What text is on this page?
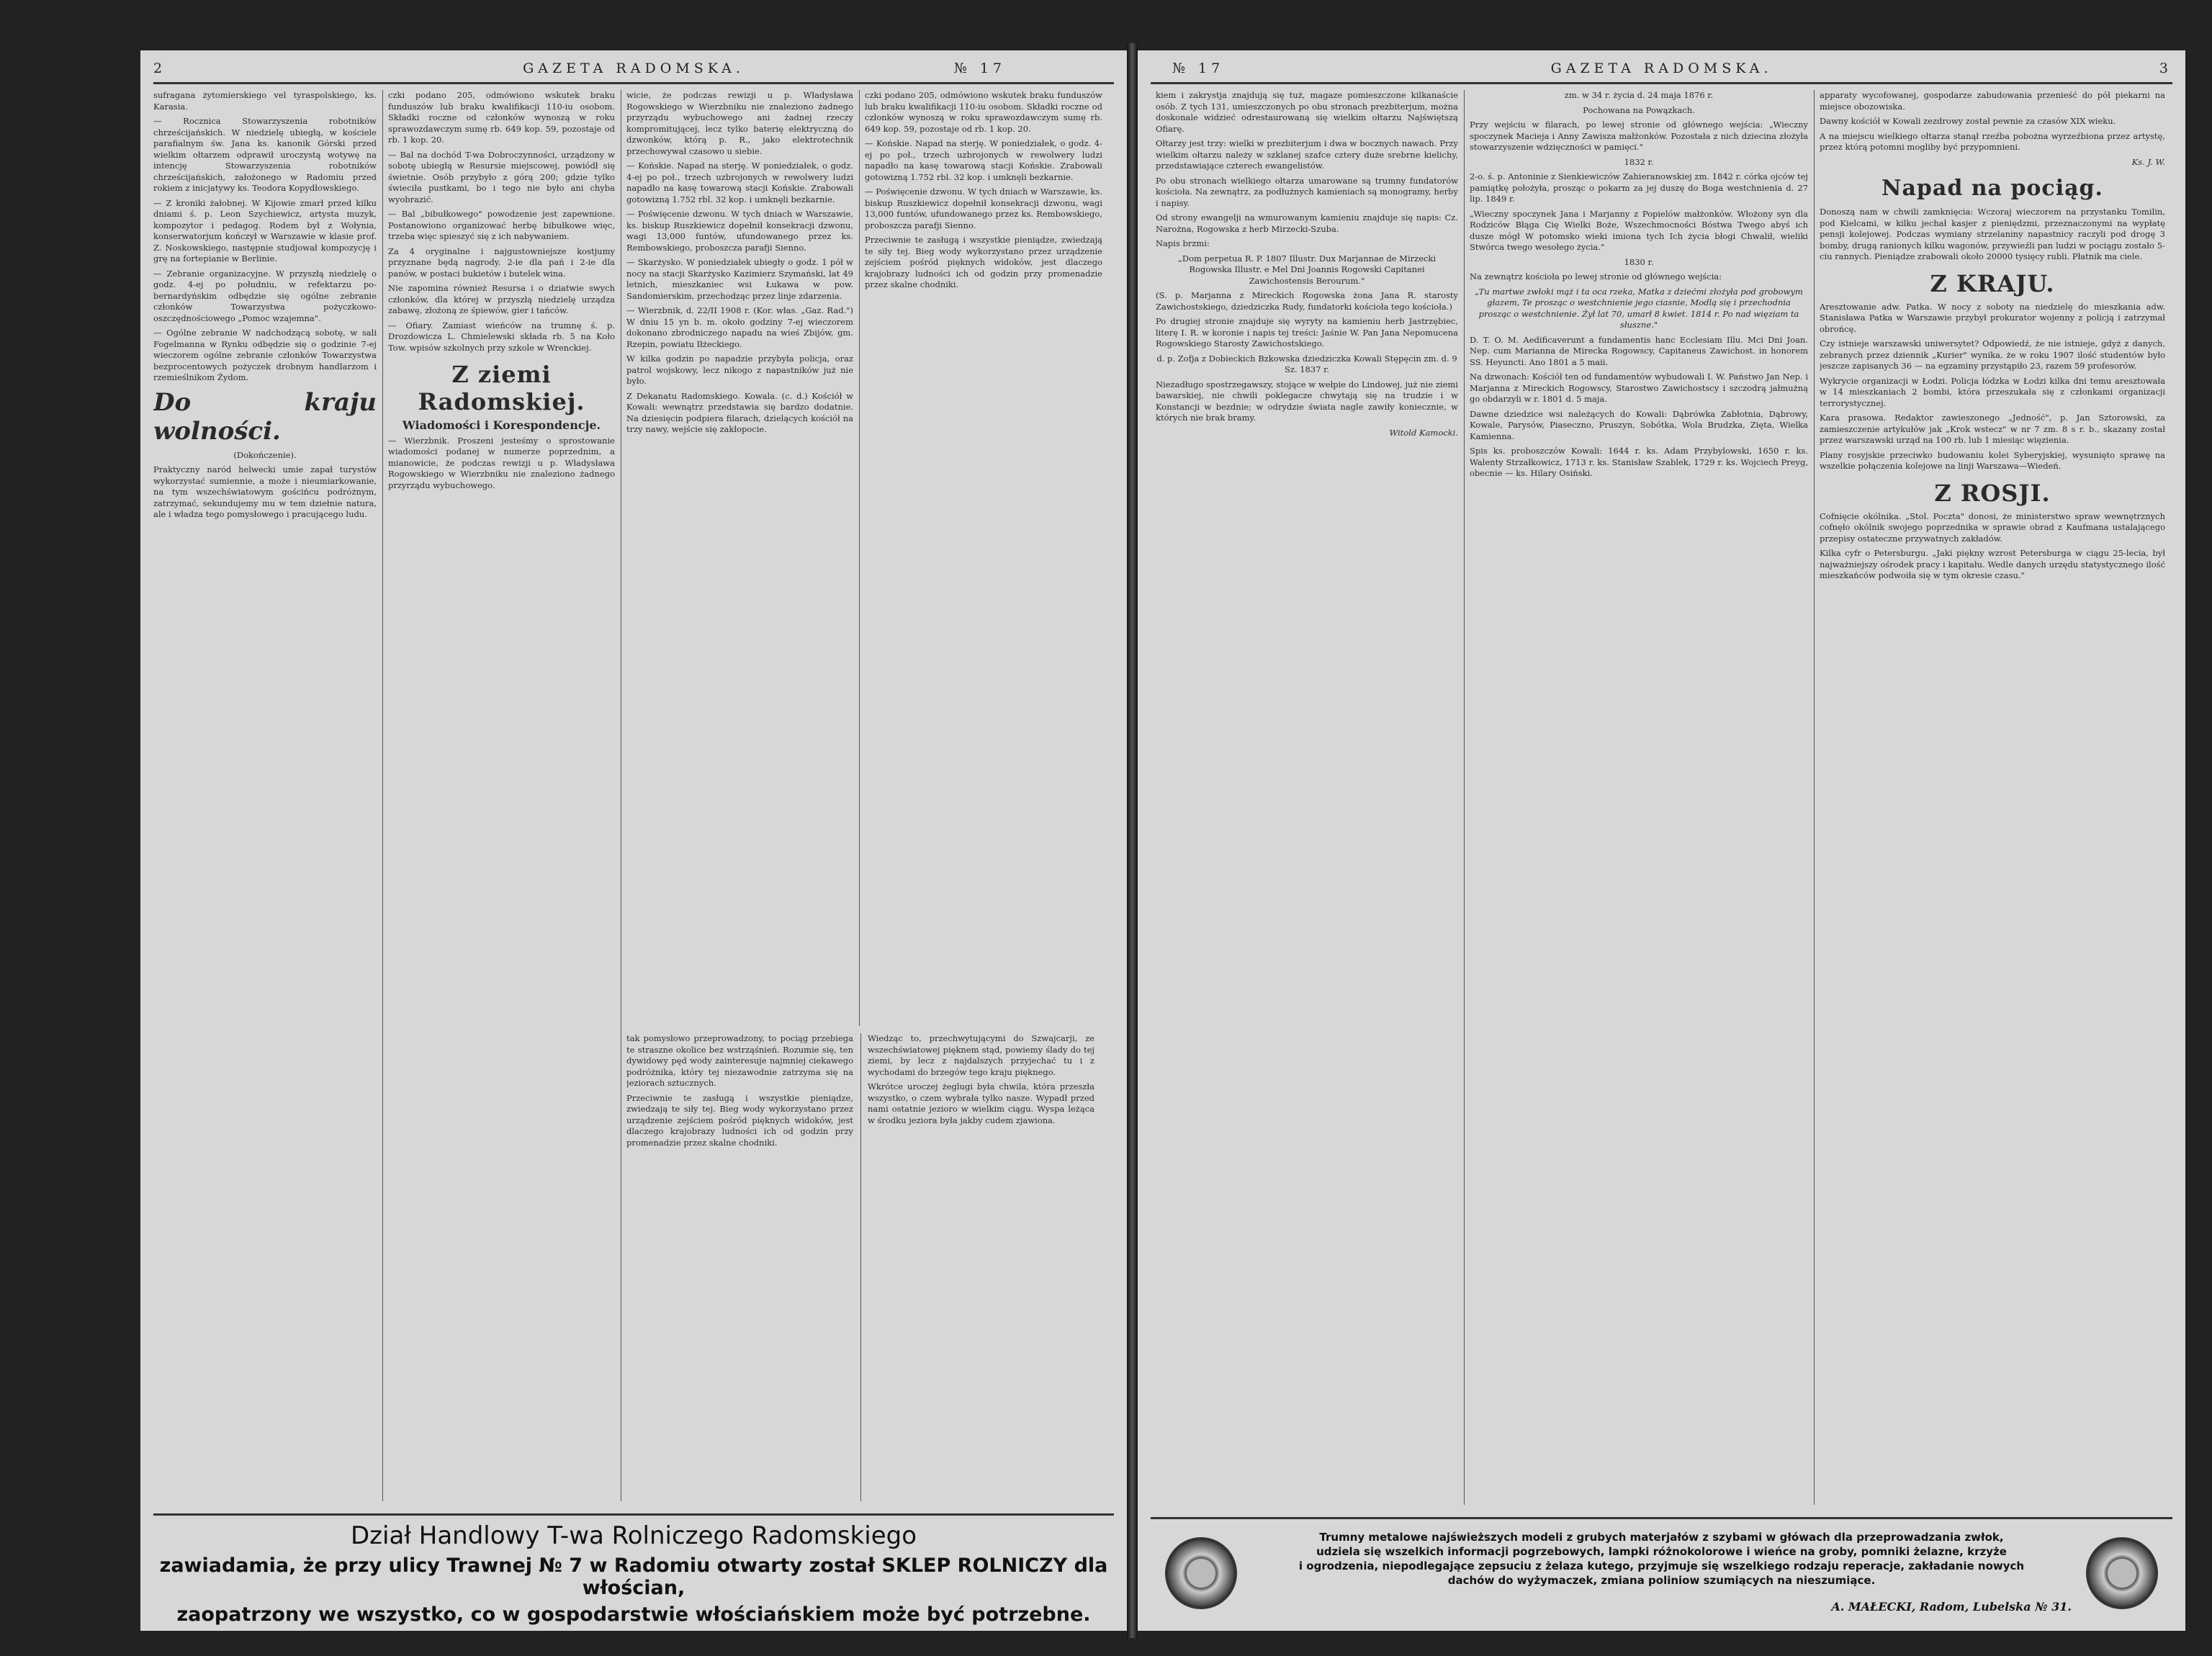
2	GAZETA RADOMSKA.	№ 17

sufragana żytomierskiego vel tyraspolskiego, ks. Karasia.

— Rocznica Stowarzyszenia robotników chrześcijańskich. W niedzielę ubiegłą, w kościele parafialnym św. Jana ks. kanonik Górski przed wielkim ołtarzem odprawił uroczystą wotywę na intencję Stowarzyszenia robotników chrześcijańskich, założonego w Radomiu przed rokiem z inicjatywy ks. Teodora Kopydłowskiego.

— Z kroniki żałobnej. W Kijowie zmarł przed kilku dniami ś. p. Leon Szychiewicz, artysta muzyk, kompozytor i pedagog. Rodem był z Wołynia, konserwatorjum kończył w Warszawie w klasie prof. Z. Noskowskiego, następnie studjował kompozycję i grę na fortepianie w Berlinie.

— Zebranie organizacyjne. W przyszłą niedzielę o godz. 4-ej po południu, w refektarzu po-bernardyńskim odbędzie się ogólne zebranie członków Towarzystwa pożyczkowo-oszczędnościowego „Pomoc wzajemna".

— Ogólne zebranie W nadchodzącą sobotę, w sali Fogelmanna w Rynku odbędzie się o godzinie 7-ej wieczorem ogólne zebranie członków Towarzystwa bezprocentowych pożyczek drobnym handlarzom i rzemieślnikom Żydom.

Do kraju wolności.

(Dokończenie).

Praktyczny naród helwecki umie zapał turystów wykorzystać sumiennie, a może i nieumiarkowanie, na tym wszechświatowym gościńcu podróżnym, zatrzymać, sekundujemy mu w tem dziełnie natura, ale i władza tego pomysłowego i pracującego ludu.

czki podano 205, odmówiono wskutek braku funduszów lub braku kwalifikacji 110-iu osobom. Składki roczne od członków wynoszą w roku sprawozdawczym sumę rb. 649 kop. 59, pozostaje od rb. 1 kop. 20.

— Bal na dochód T-wa Dobroczynności, urządzony w sobotę ubiegłą w Resursie miejscowej, powiódł się świetnie. Osób przybyło z górą 200; gdzie tylko świeciła pustkami, bo i tego nie było ani chyba wyobrazić.

— Bal „bibułkowego" powodzenie jest zapewnione. Postanowiono organizować herbę bibułkowe więc, trzeba więc spieszyć się z ich nabywaniem.

Za 4 oryginalne i najgustowniejsze kostjumy przyznane będą nagrody. 2-ie dla pań i 2-ie dla panów, w postaci bukietów i butelek wina.

Nie zapomina również Resursa i o dziatwie swych członków, dla której w przyszłą niedzielę urządza zabawę, złożoną ze śpiewów, gier i tańców.

— Ofiary. Zamiast wieńców na trumnę ś. p. Drozdowicza L. Chmielewski składa rb. 5 na Koło Tow. wpisów szkolnych przy szkole w Wrenckiej.

Z ziemi Radomskiej.
Wiadomości i Korespondencje.

— Wierzbnik. Proszeni jesteśmy o sprostowanie wiadomości podanej w numerze poprzednim, a mianowicie, że podczas rewizji u p. Władysława Rogowskiego w Wierzbniku nie znaleziono żadnego przyrządu wybuchowego.

wicie, że podczas rewizji u p. Władysława Rogowskiego w Wierzbniku nie znaleziono żadnego przyrządu wybuchowego ani żadnej rzeczy kompromitującej, lecz tylko baterię elektryczną do dzwonków, którą p. R., jako elektrotechnik przechowywał czasowo u siebie.

— Końskie. Napad na sterję. W poniedziałek, o godz. 4-ej po poł., trzech uzbrojonych w rewolwery ludzi napadło na kasę towarową stacji Końskie. Zrabowali gotowizną 1.752 rbl. 32 kop. i umknęli bezkarnie.

— Poświęcenie dzwonu. W tych dniach w Warszawie, ks. biskup Ruszkiewicz dopełnił konsekracji dzwonu, wagi 13,000 funtów, ufundowanego przez ks. Rembowskiego, proboszcza parafji Sienno.

— Skarżysko. W poniedziałek ubiegły o godz. 1 pół w nocy na stacji Skarżysko Kazimierz Szymański, lat 49 letnich, mieszkaniec wsi Łukawa w pow. Sandomierskim, przechodząc przez linje zdarzenia.

— Wierzbnik, d. 22/II 1908 r. (Kor. włas. „Gaz. Rad.") W dniu 15 yn b. m. około godziny 7-ej wieczorem dokonano zbrodniczego napadu na wieś Zbijów, gm. Rzepin, powiatu Iłżeckiego.

W kilka godzin po napadzie przybyła policja, oraz patrol wojskowy, lecz nikogo z napastników już nie było.

Z Dekanatu Radomskiego. Kowala. (c. d.) Kościół w Kowali: wewnątrz przedstawia się bardzo dodatnie. Na dziesięcin podpiera filarach, dzielących kościół na trzy nawy, wejście się zakłopocie.

tak pomysłowo przeprowadzony, to pociąg przebiega te straszne okolice bez wstrząśnień. Rozumie się, ten dywidowy pęd wody zainteresuje najmniej ciekawego podróżnika, który tej niezawodnie zatrzyma się na jeziorach sztucznych.

Przeciwnie te zasługą i wszystkie pieniądze, zwiedzają te siły tej. Bieg wody wykorzystano przez urządzenie zejściem pośród pięknych widoków, jest dlaczego krajobrazy ludności ich od godzin przy promenadzie przez skalne chodniki.

Wiedząc to, przechwytującymi do Szwajcarji, ze wszechświatowej pięknem stąd, powiemy ślady do tej ziemi, by lecz z najdalszych przyjechać tu i z wychodami do brzegów tego kraju pięknego.

Wkrótce uroczej żeglugi była chwila, która przeszła wszystko, o czem wybrała tylko nasze. Wypadł przed nami ostatnie jezioro w wielkim ciągu. Wyspa leżąca w środku jeziora była jakby cudem zjawiona.

czki podano 205, odmówiono wskutek braku funduszów lub braku kwalifikacji 110-iu osobom. Składki roczne od członków wynoszą w roku sprawozdawczym sumę rb. 649 kop. 59, pozostaje od rb. 1 kop. 20.

— Końskie. Napad na sterję. W poniedziałek, o godz. 4-ej po poł., trzech uzbrojonych w rewolwery ludzi napadło na kasę towarową stacji Końskie. Zrabowali gotowizną 1.752 rbl. 32 kop. i umknęli bezkarnie.

— Poświęcenie dzwonu. W tych dniach w Warszawie, ks. biskup Ruszkiewicz dopełnił konsekracji dzwonu, wagi 13,000 funtów, ufundowanego przez ks. Rembowskiego, proboszcza parafji Sienno.

Przeciwnie te zasługą i wszystkie pieniądze, zwiedzają te siły tej. Bieg wody wykorzystano przez urządzenie zejściem pośród pięknych widoków, jest dlaczego krajobrazy ludności ich od godzin przy promenadzie przez skalne chodniki.

Dział Handlowy T-wa Rolniczego Radomskiego
zawiadamia, że przy ulicy Trawnej № 7 w Radomiu otwarty został SKLEP ROLNICZY dla włościan,
zaopatrzony we wszystko, co w gospodarstwie włościańskiem może być potrzebne.
№ 17	GAZETA RADOMSKA.	3

kiem i zakrystja znajdują się tuż, magaze pomieszczone kilkanaście osób. Z tych 131, umieszczonych po obu stronach prezbiterjum, można doskonale widzieć odrestaurowaną się wielkim ołtarzu Najświętszą Ofiarę.

Ołtarzy jest trzy: wielki w prezbiterjum i dwa w bocznych nawach. Przy wielkim ołtarzu należy w szklanej szafce cztery duże srebrne kielichy, przedstawiające czterech ewangelistów.

Po obu stronach wielkiego ołtarza umarowane są trumny fundatorów kościoła. Na zewnątrz, za podłużnych kamieniach są monogramy, herby i napisy.

Od strony ewangelji na wmurowanym kamieniu znajduje się napis: Cz. Narożna, Rogowska z herb Mirzecki-Szuba.

Napis brzmi:

„Dom perpetua R. P. 1807 Illustr. Dux Marjannae de Mirzecki Rogowska Illustr. e Mel Dni Joannis Rogowski Capitanei Zawichostensis Berourum."

(S. p. Marjanna z Mireckich Rogowska żona Jana R. starosty Zawichostskiego, dziedziczka Rudy, fundatorki kościoła tego kościoła.)

Po drugiej stronie znajduje się wyryty na kamieniu herb Jastrzębiec, literę I. R. w koronie i napis tej treści: Jaśnie W. Pan Jana Nepomucena Rogowskiego Starosty Zawichostskiego.

d. p. Zofja z Dobieckich Bzkowska dziedziczka Kowali Stępęcin zm. d. 9 Sz. 1837 r.

Niezadługo spostrzegawszy, stojące w wełpie do Lindowej, już nie ziemi bawarskiej, nie chwili poklegacze chwytają się na trudzie i w Konstancji w bezdnie; w odrydzie świata nagle zawiły koniecznie, w których nie brak bramy.

Witold Kamocki.

zm. w 34 r. życia d. 24 maja 1876 r.

Pochowana na Powązkach.

Przy wejściu w filarach, po lewej stronie od głównego wejścia: „Wieczny spoczynek Macieja i Anny Zawisza małżonków. Pozostała z nich dziecina złożyła stowarzyszenie wdzięczności w pamięci."

1832 r.

2-o. ś. p. Antoninie z Sienkiewiczów Zahieranowskiej zm. 1842 r. córka ojców tej pamiątkę położyła, prosząc o pokarm za jej duszę do Boga westchnienia d. 27 lip. 1849 r.

„Wieczny spoczynek Jana i Marjanny z Popielów małżonków. Włożony syn dla Rodziców Błąga Cię Wielki Boże, Wszechmocności Bóstwa Twego abyś ich dusze mógł W potomsko wieki imiona tych Ich życia błogi Chwalił, wieliki Stwórca twego wesołego życia."

1830 r.

Na zewnątrz kościoła po lewej stronie od głównego wejścia:

„Tu martwe zwłoki mąż i ta oca rzeka, Matka z dziećmi złożyła pod grobowym głazem, Te prosząc o westchnienie jego ciasnie, Modlą się i przechodnia prosząc o westchnienie. Żył lat 70, umarł 8 kwiet. 1814 r. Po nad więziam ta słuszne."

D. T. O. M. Aedificaverunt a fundamentis hanc Ecclesiam Illu. Mci Dni Joan. Nep. cum Marianna de Mirecka Rogowscy, Capitaneus Zawichost. in honorem SS. Heyuncti. Ano 1801 a 5 maii.

Na dzwonach: Kościół ten od fundamentów wybudowali I. W. Państwo Jan Nep. i Marjanna z Mireckich Rogowscy, Starostwo Zawichostscy i szczodrą jałmużną go obdarzyli w r. 1801 d. 5 maja.

Dawne dziedzice wsi należących do Kowali: Dąbrówka Zabłotnia, Dąbrowy, Kowale, Parysów, Piaseczno, Pruszyn, Sobótka, Wola Brudzka, Zięta, Wielka Kamienna.

Spis ks. proboszczów Kowali: 1644 r. ks. Adam Przybylowski, 1650 r. ks. Walenty Strzałkowicz, 1713 r. ks. Stanisław Szablek, 1729 r. ks. Wojciech Preyg, obecnie — ks. Hilary Osiński.

apparaty wycofowanej, gospodarze zabudowania przenieść do pół piekarni na miejsce obozowiska.

Dawny kościół w Kowali zezdrowy został pewnie za czasów XIX wieku.

A na miejscu wielkiego ołtarza stanął rzeźba pobożna wyrzeźbiona przez artystę, przez którą potomni mogliby być przypomnieni.

Ks. J. W.

Napad na pociąg.

Donoszą nam w chwili zamknięcia: Wczoraj wieczorem na przystanku Tomilin, pod Kielcami, w kilku jechał kasjer z pieniędzmi, przeznaczonymi na wypłatę pensji kolejowej. Podczas wymiany strzelaniny napastnicy raczyli pod drogę 3 bomby, drugą ranionych kilku wagonów, przywieźli pan ludzi w pociągu zostało 5-ciu rannych. Pieniądze zrabowali około 20000 tysięcy rubli. Płatnik ma ciele.

Z KRAJU.

Aresztowanie adw. Patka. W nocy z soboty na niedzielę do mieszkania adw. Stanisława Patka w Warszawie przybył prokurator wojenny z policją i zatrzymał obrońcę.

Czy istnieje warszawski uniwersytet? Odpowiedź, że nie istnieje, gdyż z danych, zebranych przez dziennik „Kurier" wynika, że w roku 1907 ilość studentów było jeszcze zapisanych 36 — na egzaminy przystąpiło 23, razem 59 profesorów.

Wykrycie organizacji w Łodzi. Policja łódzka w Łodzi kilka dni temu aresztowała w 14 mieszkaniach 2 bombi, która przeszukała się z członkami organizacji terrorystycznej.

Kara prasowa. Redaktor zawieszonego „Jedność", p. Jan Sztorowski, za zamieszczenie artykułów jak „Krok wstecz" w nr 7 zm. 8 s r. b., skazany został przez warszawski urząd na 100 rb. lub 1 miesiąc więzienia.

Plany rosyjskie przeciwko budowaniu kolei Syberyjskiej, wysunięto sprawę na wszelkie połączenia kolejowe na linji Warszawa—Wiedeń.

Z ROSJI.

Cofnięcie okólnika. „Stol. Poczta" donosi, że ministerstwo spraw wewnętrznych cofnęło okólnik swojego poprzednika w sprawie obrad z Kaufmana ustalającego przepisy ostateczne przywatnych zakładów.

Kilka cyfr o Petersburgu. „Jaki piękny wzrost Petersburga w ciągu 25-lecia, był najważniejszy ośrodek pracy i kapitału. Wedle danych urzędu statystycznego ilość mieszkańców podwoiła się w tym okresie czasu."

Trumny metalowe najświeższych modeli z grubych materjałów z szybami w główach dla przeprowadzania zwłok,
udziela się wszelkich informacji pogrzebowych, lampki różnokolorowe i wieńce na groby, pomniki żelazne, krzyże
i ogrodzenia, niepodlegające zepsuciu z żelaza kutego, przyjmuje się wszelkiego rodzaju reperacje, zakładanie nowych
dachów do wyżymaczek, zmiana poliniow szumiących na nieszumiące.
A. MAŁECKI, Radom, Lubelska № 31.
